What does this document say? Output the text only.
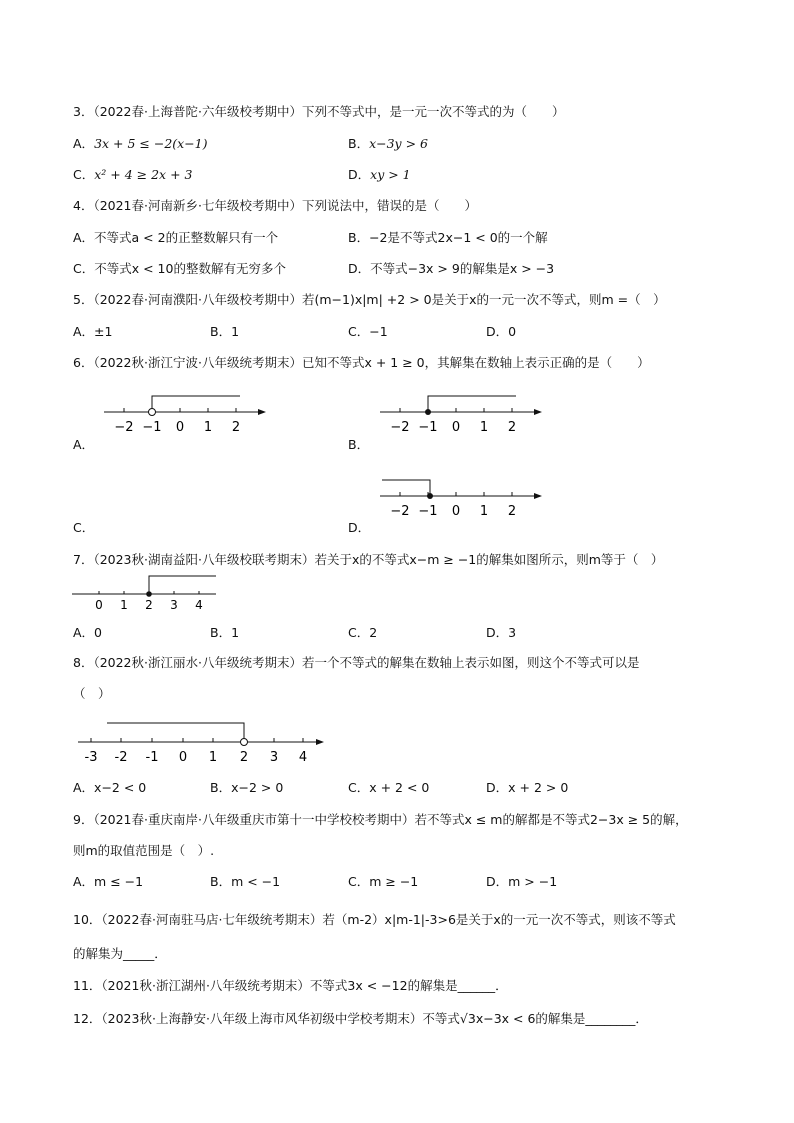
3．（2022春·上海普陀·六年级校考期中）下列不等式中，是一元一次不等式的为（　　）
A．3x + 5 ≤ −2(x−1)	B．x−3y > 6
C．x² + 4 ≥ 2x + 3	D．xy > 1
4．（2021春·河南新乡·七年级校考期中）下列说法中，错误的是（　　）
A．不等式a < 2的正整数解只有一个	B．−2是不等式2x−1 < 0的一个解
C．不等式x < 10的整数解有无穷多个	D．不等式−3x > 9的解集是x > −3
5．（2022春·河南濮阳·八年级校考期中）若(m−1)x|m| +2 > 0是关于x的一元一次不等式，则m =（　）
A．±1	B．1	C．−1	D．0
6．（2022秋·浙江宁波·八年级统考期末）已知不等式x + 1 ≥ 0，其解集在数轴上表示正确的是（　　）
−2 −1 0 1 2	−2 −1 0 1 2
A．	B．
−2 −1 0 1 2
C．	D．
7．（2023秋·湖南益阳·八年级校联考期末）若关于x的不等式x−m ≥ −1的解集如图所示，则m等于（　）
0 1 2 3 4
A．0	B．1	C．2	D．3
8．（2022秋·浙江丽水·八年级统考期末）若一个不等式的解集在数轴上表示如图，则这个不等式可以是
（　）
-3 -2 -1 0 1 2 3 4
A．x−2 < 0	B．x−2 > 0	C．x + 2 < 0	D．x + 2 > 0
9．（2021春·重庆南岸·八年级重庆市第十一中学校校考期中）若不等式x ≤ m的解都是不等式2−3x ≥ 5的解，
则m的取值范围是（　）.
A．m ≤ −1	B．m < −1	C．m ≥ −1	D．m > −1
10．（2022春·河南驻马店·七年级统考期末）若（m-2）x|m-1|-3>6是关于x的一元一次不等式，则该不等式
的解集为_____．
11．（2021秋·浙江湖州·八年级统考期末）不等式3x < −12的解集是______．
12．（2023秋·上海静安·八年级上海市风华初级中学校考期末）不等式√3x−3x < 6的解集是________．
